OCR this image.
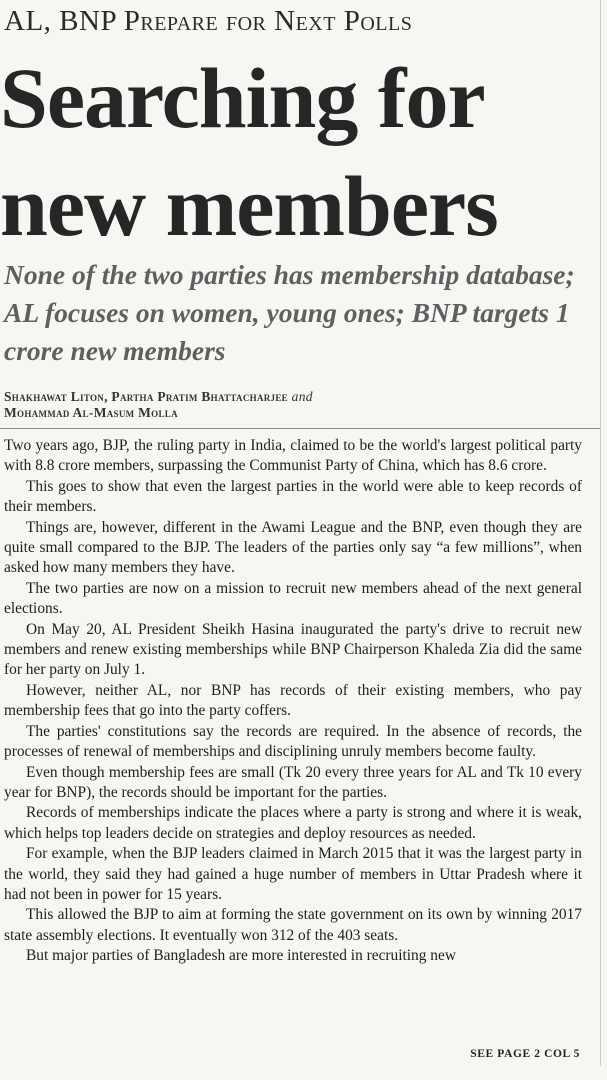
AL, BNP Prepare for Next Polls
Searching for
new members
None of the two parties has membership database; AL focuses on women, young ones; BNP targets 1 crore new members
Shakhawat Liton, Partha Pratim Bhattacharjee and
Mohammad Al-Masum Molla

Two years ago, BJP, the ruling party in India, claimed to be the world's largest political party with 8.8 crore members, surpassing the Communist Party of China, which has 8.6 crore.

This goes to show that even the largest parties in the world were able to keep records of their members.

Things are, however, different in the Awami League and the BNP, even though they are quite small compared to the BJP. The leaders of the parties only say “a few millions”, when asked how many members they have.

The two parties are now on a mission to recruit new members ahead of the next general elections.

On May 20, AL President Sheikh Hasina inaugurated the party's drive to recruit new members and renew existing memberships while BNP Chairperson Khaleda Zia did the same for her party on July 1.

However, neither AL, nor BNP has records of their existing members, who pay membership fees that go into the party coffers.

The parties' constitutions say the records are required. In the absence of records, the processes of renewal of memberships and disciplining unruly members become faulty.

Even though membership fees are small (Tk 20 every three years for AL and Tk 10 every year for BNP), the records should be important for the parties.

Records of memberships indicate the places where a party is strong and where it is weak, which helps top leaders decide on strategies and deploy resources as needed.

For example, when the BJP leaders claimed in March 2015 that it was the largest party in the world, they said they had gained a huge number of members in Uttar Pradesh where it had not been in power for 15 years.

This allowed the BJP to aim at forming the state government on its own by winning 2017 state assembly elections. It eventually won 312 of the 403 seats.

But major parties of Bangladesh are more interested in recruiting new

SEE PAGE 2 COL 5
